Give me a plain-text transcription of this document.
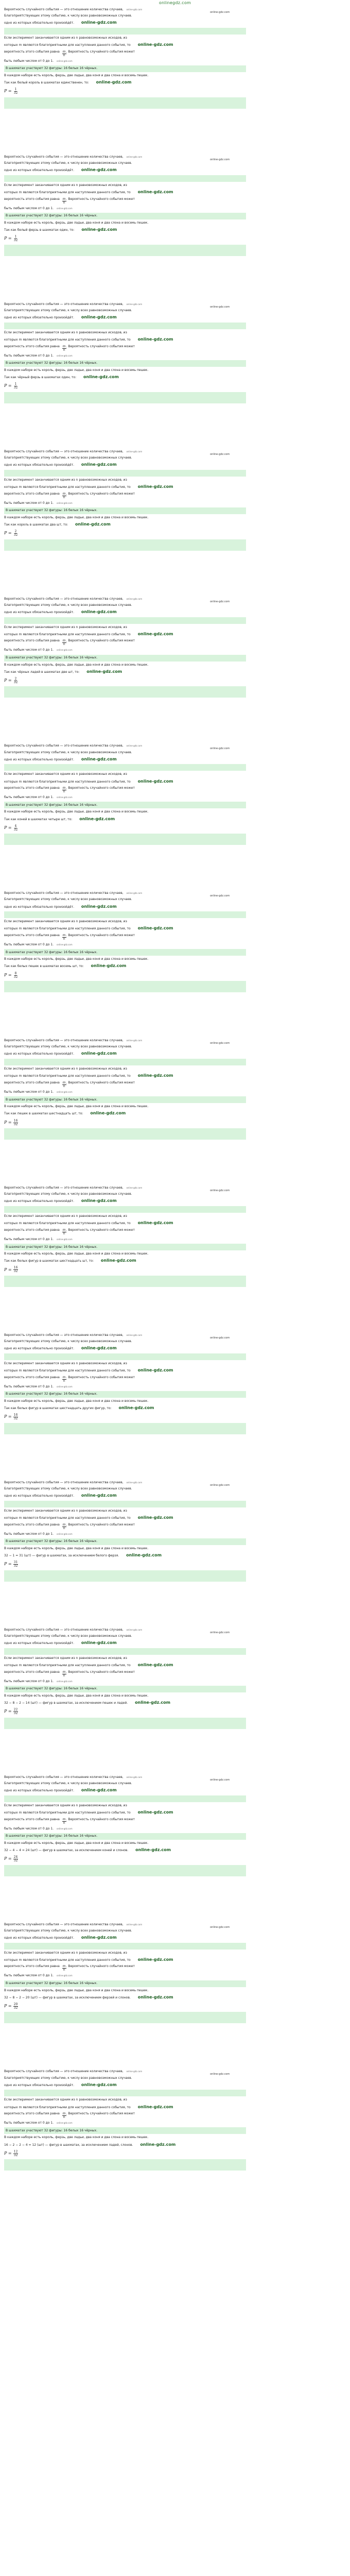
onlinegdz.com
online-gdz.com
Вероятность случайного события — это отношение количества случаев, online-gdz.com
Благоприятствующих этому событию, к числу всех равновозможных случаев.
одно из которых обязательно произойдёт. online-gdz.com
Если эксперимент заканчивается одним из n равновозможных исходов, из
которых m являются благоприятными для наступления данного события, то online-gdz.com
вероятность этого события равна $\frac{m}{n}$ . Вероятность случайного события может
быть любым числом от 0 до 1. online-gdz.com
В шахматах участвуют 32 фигуры: 16 белых 16 чёрных.
В каждом наборе есть король, ферзь, две ладьи, два коня и два слона и восемь пешек.
Так как белый король в шахматах единственен, то: online-gdz.com
$P = \frac{1}{32}$
online-gdz.com
Вероятность случайного события — это отношение количества случаев, online-gdz.com
Благоприятствующих этому событию, к числу всех равновозможных случаев.
одно из которых обязательно произойдёт. online-gdz.com
Если эксперимент заканчивается одним из n равновозможных исходов, из
которых m являются благоприятными для наступления данного события, то online-gdz.com
вероятность этого события равна $\frac{m}{n}$ . Вероятность случайного события может
быть любым числом от 0 до 1. online-gdz.com
В шахматах участвуют 32 фигуры: 16 белых 16 чёрных.
В каждом наборе есть король, ферзь, две ладьи, два коня и два слона и восемь пешек.
Так как белый ферзь в шахматах один, то: online-gdz.com
$P = \frac{1}{32}$
online-gdz.com
Вероятность случайного события — это отношение количества случаев, online-gdz.com
Благоприятствующих этому событию, к числу всех равновозможных случаев.
одно из которых обязательно произойдёт. online-gdz.com
Если эксперимент заканчивается одним из n равновозможных исходов, из
которых m являются благоприятными для наступления данного события, то online-gdz.com
вероятность этого события равна $\frac{m}{n}$ . Вероятность случайного события может
быть любым числом от 0 до 1. online-gdz.com
В шахматах участвуют 32 фигуры: 16 белых 16 чёрных.
В каждом наборе есть король, ферзь, две ладьи, два коня и два слона и восемь пешек.
Так как чёрный ферзь в шахматах один, то: online-gdz.com
$P = \frac{1}{32}$
online-gdz.com
Вероятность случайного события — это отношение количества случаев, online-gdz.com
Благоприятствующих этому событию, к числу всех равновозможных случаев.
одно из которых обязательно произойдёт. online-gdz.com
Если эксперимент заканчивается одним из n равновозможных исходов, из
которых m являются благоприятными для наступления данного события, то online-gdz.com
вероятность этого события равна $\frac{m}{n}$ . Вероятность случайного события может
быть любым числом от 0 до 1. online-gdz.com
В шахматах участвуют 32 фигуры: 16 белых 16 чёрных.
В каждом наборе есть король, ферзь, две ладьи, два коня и два слона и восемь пешек.
Так как король в шахматах два шт, то: online-gdz.com
$P = \frac{2}{32}$
online-gdz.com
Вероятность случайного события — это отношение количества случаев, online-gdz.com
Благоприятствующих этому событию, к числу всех равновозможных случаев.
одно из которых обязательно произойдёт. online-gdz.com
Если эксперимент заканчивается одним из n равновозможных исходов, из
которых m являются благоприятными для наступления данного события, то online-gdz.com
вероятность этого события равна $\frac{m}{n}$ . Вероятность случайного события может
быть любым числом от 0 до 1. online-gdz.com
В шахматах участвуют 32 фигуры: 16 белых 16 чёрных.
В каждом наборе есть король, ферзь, две ладьи, два коня и два слона и восемь пешек.
Так как чёрных ладей в шахматах две шт, то: online-gdz.com
$P = \frac{2}{32}$
online-gdz.com
Вероятность случайного события — это отношение количества случаев, online-gdz.com
Благоприятствующих этому событию, к числу всех равновозможных случаев.
одно из которых обязательно произойдёт. online-gdz.com
Если эксперимент заканчивается одним из n равновозможных исходов, из
которых m являются благоприятными для наступления данного события, то online-gdz.com
вероятность этого события равна $\frac{m}{n}$ . Вероятность случайного события может
быть любым числом от 0 до 1. online-gdz.com
В шахматах участвуют 32 фигуры: 16 белых 16 чёрных.
В каждом наборе есть король, ферзь, две ладьи, два коня и два слона и восемь пешек.
Так как коней в шахматах четыре шт, то: online-gdz.com
$P = \frac{4}{32}$
online-gdz.com
Вероятность случайного события — это отношение количества случаев, online-gdz.com
Благоприятствующих этому событию, к числу всех равновозможных случаев.
одно из которых обязательно произойдёт. online-gdz.com
Если эксперимент заканчивается одним из n равновозможных исходов, из
которых m являются благоприятными для наступления данного события, то online-gdz.com
вероятность этого события равна $\frac{m}{n}$ . Вероятность случайного события может
быть любым числом от 0 до 1. online-gdz.com
В шахматах участвуют 32 фигуры: 16 белых 16 чёрных.
В каждом наборе есть король, ферзь, две ладьи, два коня и два слона и восемь пешек.
Так как белых пешек в шахматах восемь шт, то: online-gdz.com
$P = \frac{8}{32}$
online-gdz.com
Вероятность случайного события — это отношение количества случаев, online-gdz.com
Благоприятствующих этому событию, к числу всех равновозможных случаев.
одно из которых обязательно произойдёт. online-gdz.com
Если эксперимент заканчивается одним из n равновозможных исходов, из
которых m являются благоприятными для наступления данного события, то online-gdz.com
вероятность этого события равна $\frac{m}{n}$ . Вероятность случайного события может
быть любым числом от 0 до 1. online-gdz.com
В шахматах участвуют 32 фигуры: 16 белых 16 чёрных.
В каждом наборе есть король, ферзь, две ладьи, два коня и два слона и восемь пешек.
Так как пешек в шахматах шестнадцать шт, то: online-gdz.com
$P = \frac{16}{32}$
online-gdz.com
Вероятность случайного события — это отношение количества случаев, online-gdz.com
Благоприятствующих этому событию, к числу всех равновозможных случаев.
одно из которых обязательно произойдёт. online-gdz.com
Если эксперимент заканчивается одним из n равновозможных исходов, из
которых m являются благоприятными для наступления данного события, то online-gdz.com
вероятность этого события равна $\frac{m}{n}$ . Вероятность случайного события может
быть любым числом от 0 до 1. online-gdz.com
В шахматах участвуют 32 фигуры: 16 белых 16 чёрных.
В каждом наборе есть король, ферзь, две ладьи, два коня и два слона и восемь пешек.
Так как белых фигур в шахматах шестнадцать шт, то: online-gdz.com
$P = \frac{16}{32}$
online-gdz.com
Вероятность случайного события — это отношение количества случаев, online-gdz.com
Благоприятствующих этому событию, к числу всех равновозможных случаев.
одно из которых обязательно произойдёт. online-gdz.com
Если эксперимент заканчивается одним из n равновозможных исходов, из
которых m являются благоприятными для наступления данного события, то online-gdz.com
вероятность этого события равна $\frac{m}{n}$ . Вероятность случайного события может
быть любым числом от 0 до 1. online-gdz.com
В шахматах участвуют 32 фигуры: 16 белых 16 чёрных.
В каждом наборе есть король, ферзь, две ладьи, два коня и два слона и восемь пешек.
Так как белых фигур в шахматах шестнадцать других фигур, то: online-gdz.com
$P = \frac{16}{32}$
online-gdz.com
Вероятность случайного события — это отношение количества случаев, online-gdz.com
Благоприятствующих этому событию, к числу всех равновозможных случаев.
одно из которых обязательно произойдёт. online-gdz.com
Если эксперимент заканчивается одним из n равновозможных исходов, из
которых m являются благоприятными для наступления данного события, то online-gdz.com
вероятность этого события равна $\frac{m}{n}$ . Вероятность случайного события может
быть любым числом от 0 до 1. online-gdz.com
В шахматах участвуют 32 фигуры: 16 белых 16 чёрных.
В каждом наборе есть король, ферзь, две ладьи, два коня и два слона и восемь пешек.
32 − 1 = 31 (шт) — фигур в шахматах, за исключением белого ферзя. online-gdz.com
$P = \frac{31}{32}$
online-gdz.com
Вероятность случайного события — это отношение количества случаев, online-gdz.com
Благоприятствующих этому событию, к числу всех равновозможных случаев.
одно из которых обязательно произойдёт. online-gdz.com
Если эксперимент заканчивается одним из n равновозможных исходов, из
которых m являются благоприятными для наступления данного события, то online-gdz.com
вероятность этого события равна $\frac{m}{n}$ . Вероятность случайного события может
быть любым числом от 0 до 1. online-gdz.com
В шахматах участвуют 32 фигуры: 16 белых 16 чёрных.
В каждом наборе есть король, ферзь, две ладьи, два коня и два слона и восемь пешек.
32 − 8 − 2 − 14 (шт) — фигур в шахматах, за исключением пешек и ладей. online-gdz.com
$P = \frac{22}{32}$
online-gdz.com
Вероятность случайного события — это отношение количества случаев, online-gdz.com
Благоприятствующих этому событию, к числу всех равновозможных случаев.
одно из которых обязательно произойдёт. online-gdz.com
Если эксперимент заканчивается одним из n равновозможных исходов, из
которых m являются благоприятными для наступления данного события, то online-gdz.com
вероятность этого события равна $\frac{m}{n}$ . Вероятность случайного события может
быть любым числом от 0 до 1. online-gdz.com
В шахматах участвуют 32 фигуры: 16 белых 16 чёрных.
В каждом наборе есть король, ферзь, две ладьи, два коня и два слона и восемь пешек.
32 − 4 − 4 = 24 (шт) — фигур в шахматах, за исключением коней и слонов. online-gdz.com
$P = \frac{24}{32}$
online-gdz.com
Вероятность случайного события — это отношение количества случаев, online-gdz.com
Благоприятствующих этому событию, к числу всех равновозможных случаев.
одно из которых обязательно произойдёт. online-gdz.com
Если эксперимент заканчивается одним из n равновозможных исходов, из
которых m являются благоприятными для наступления данного события, то online-gdz.com
вероятность этого события равна $\frac{m}{n}$ . Вероятность случайного события может
быть любым числом от 0 до 1. online-gdz.com
В шахматах участвуют 32 фигуры: 16 белых 16 чёрных.
В каждом наборе есть король, ферзь, две ладьи, два коня и два слона и восемь пешек.
32 − 8 − 2 − 20 (шт) — фигур в шахматах, за исключением ферзей и слонов. online-gdz.com
$P = \frac{20}{32}$
online-gdz.com
Вероятность случайного события — это отношение количества случаев, online-gdz.com
Благоприятствующих этому событию, к числу всех равновозможных случаев.
одно из которых обязательно произойдёт. online-gdz.com
Если эксперимент заканчивается одним из n равновозможных исходов, из
которых m являются благоприятными для наступления данного события, то online-gdz.com
вероятность этого события равна $\frac{m}{n}$ . Вероятность случайного события может
быть любым числом от 0 до 1. online-gdz.com
В шахматах участвуют 32 фигуры: 16 белых 16 чёрных.
В каждом наборе есть король, ферзь, две ладьи, два коня и два слона и восемь пешек.
16 − 2 − 2 − 4 = 12 (шт) — фигур в шахматах, за исключением ладей, слонов. online-gdz.com
$P = \frac{12}{32}$
